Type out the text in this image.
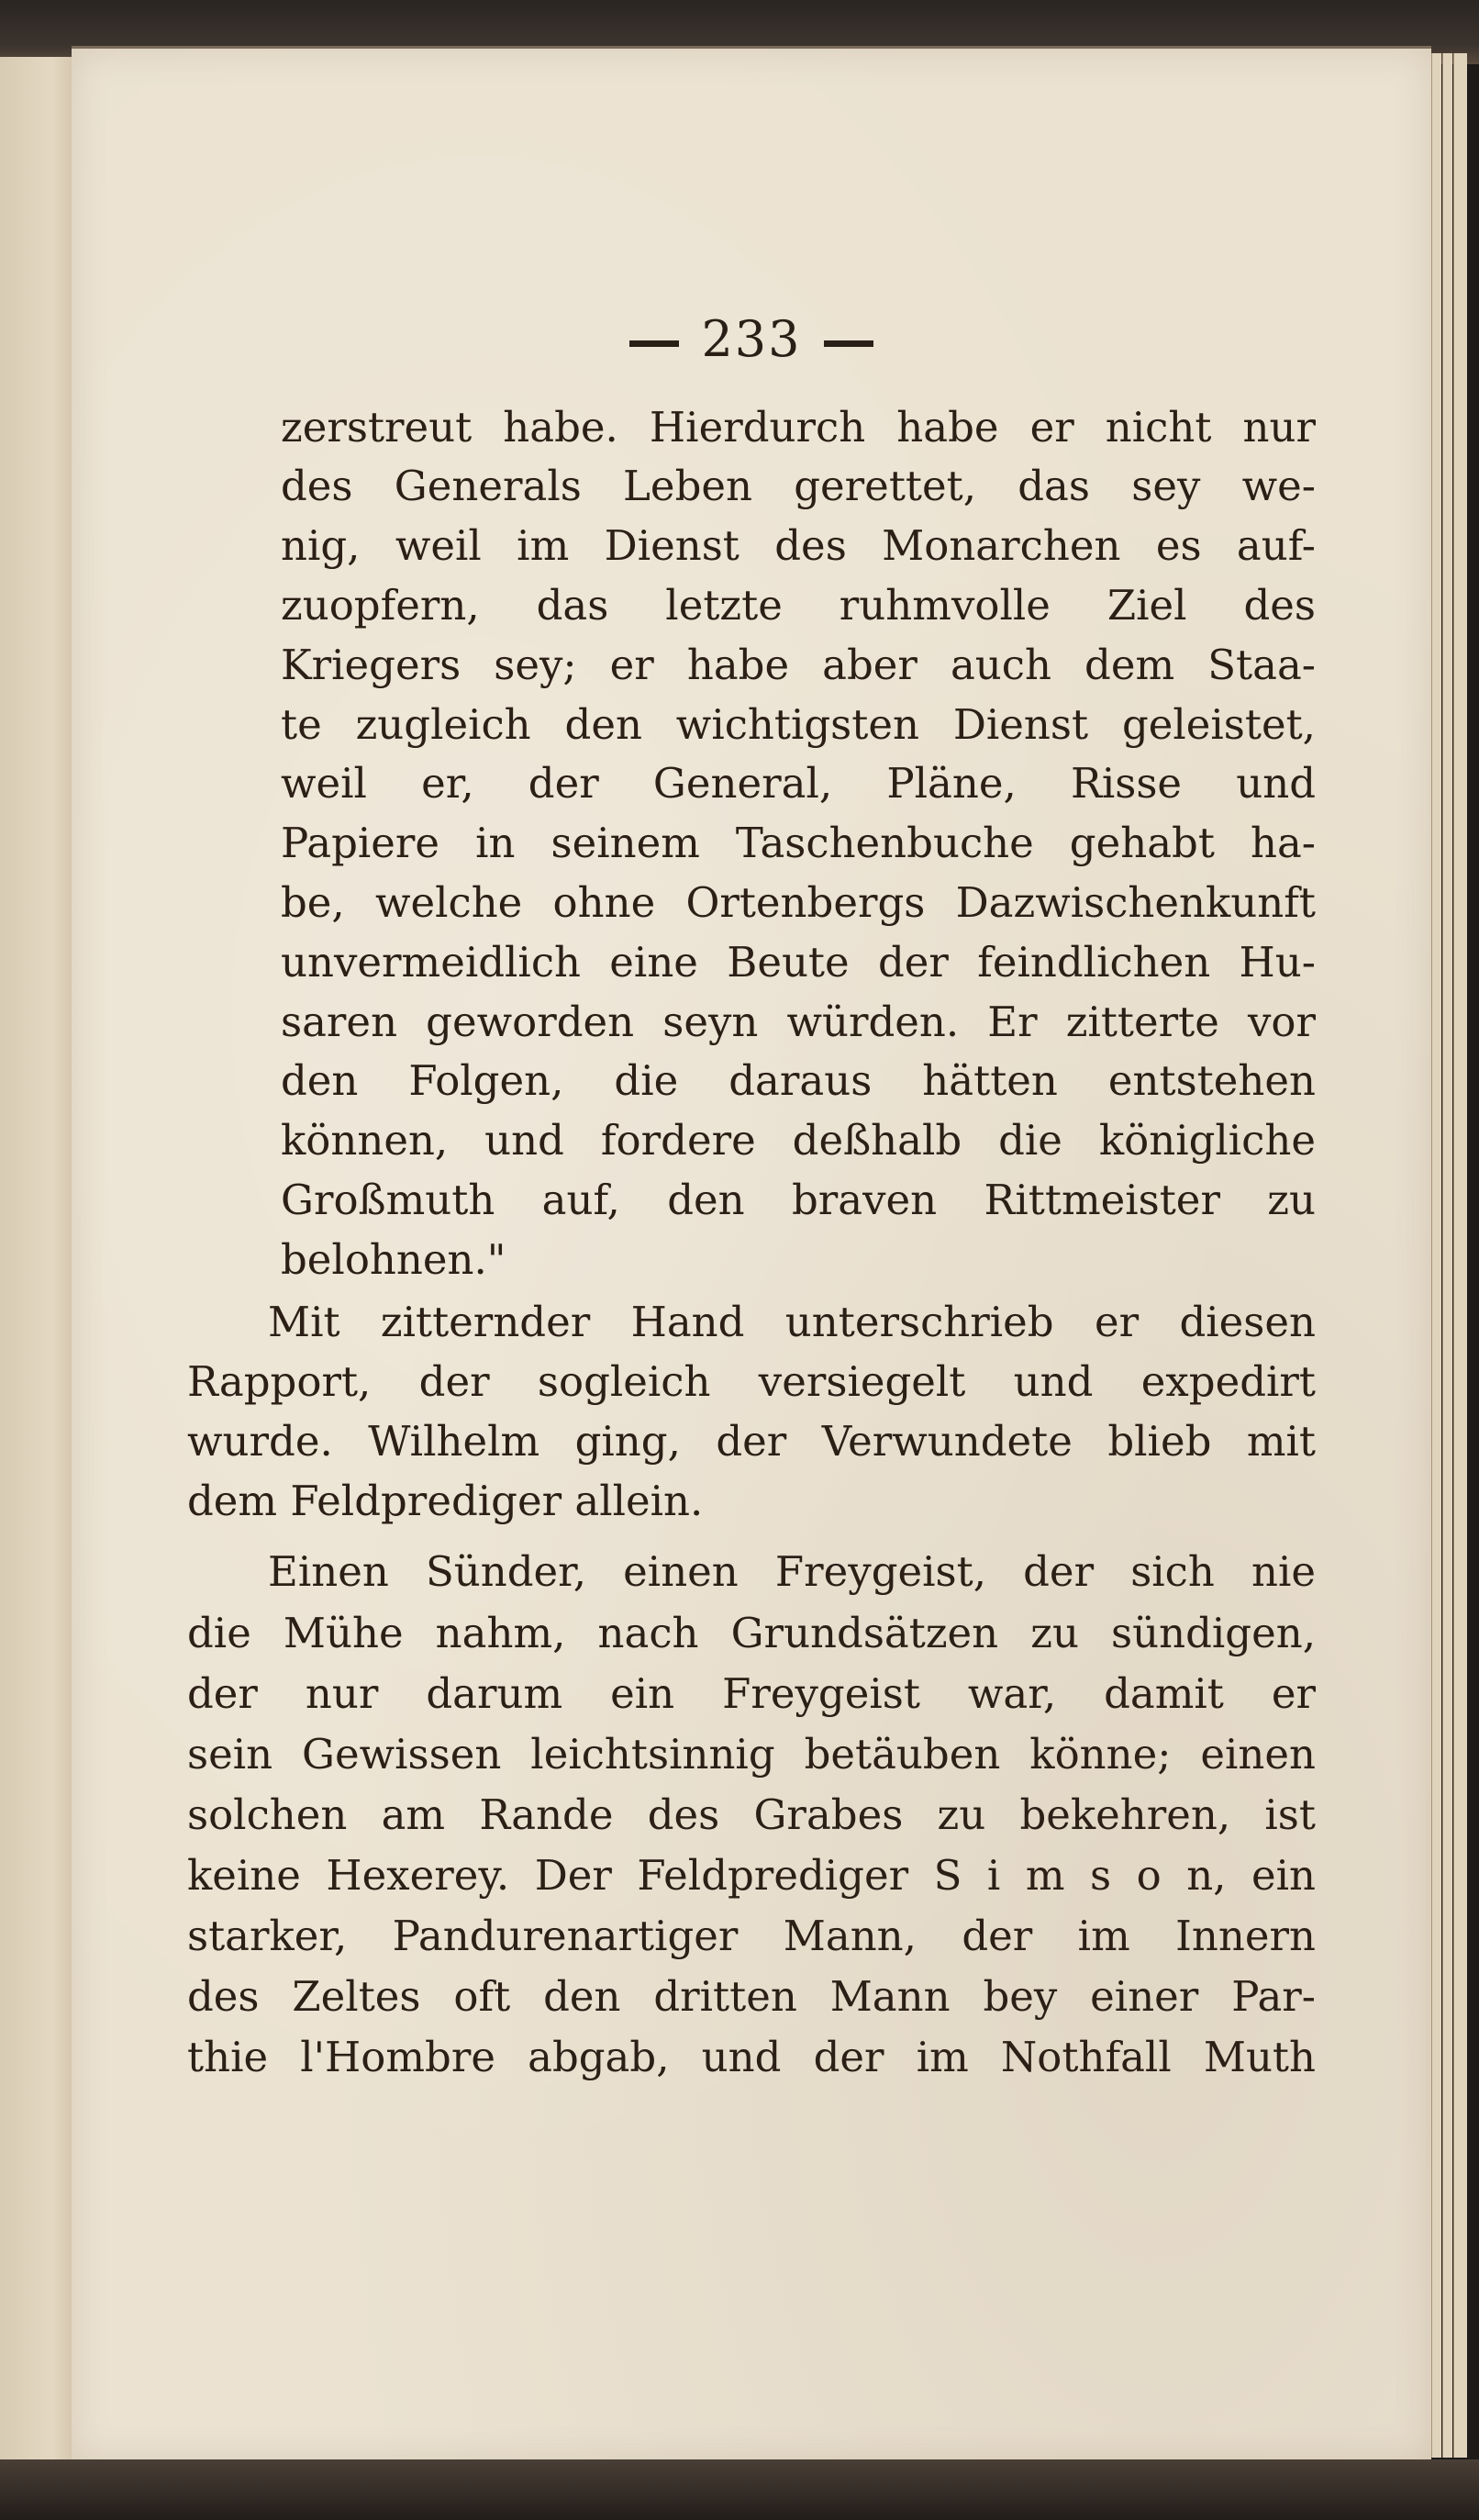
233
zerstreut habe. Hierdurch habe er nicht nur
des Generals Leben gerettet, das sey we-
nig, weil im Dienst des Monarchen es auf-
zuopfern, das letzte ruhmvolle Ziel des
Kriegers sey; er habe aber auch dem Staa-
te zugleich den wichtigsten Dienst geleistet,
weil er, der General, Pläne, Risse und
Papiere in seinem Taschenbuche gehabt ha-
be, welche ohne Ortenbergs Dazwischenkunft
unvermeidlich eine Beute der feindlichen Hu-
saren geworden seyn würden. Er zitterte vor
den Folgen, die daraus hätten entstehen
können, und fordere deßhalb die königliche
Großmuth auf, den braven Rittmeister zu
belohnen."
Mit zitternder Hand unterschrieb er diesen
Rapport, der sogleich versiegelt und expedirt
wurde. Wilhelm ging, der Verwundete blieb mit
dem Feldprediger allein.
Einen Sünder, einen Freygeist, der sich nie
die Mühe nahm, nach Grundsätzen zu sündigen,
der nur darum ein Freygeist war, damit er
sein Gewissen leichtsinnig betäuben könne; einen
solchen am Rande des Grabes zu bekehren, ist
keine Hexerey. Der Feldprediger S i m s o n, ein
starker, Pandurenartiger Mann, der im Innern
des Zeltes oft den dritten Mann bey einer Par-
thie l'Hombre abgab, und der im Nothfall Muth
